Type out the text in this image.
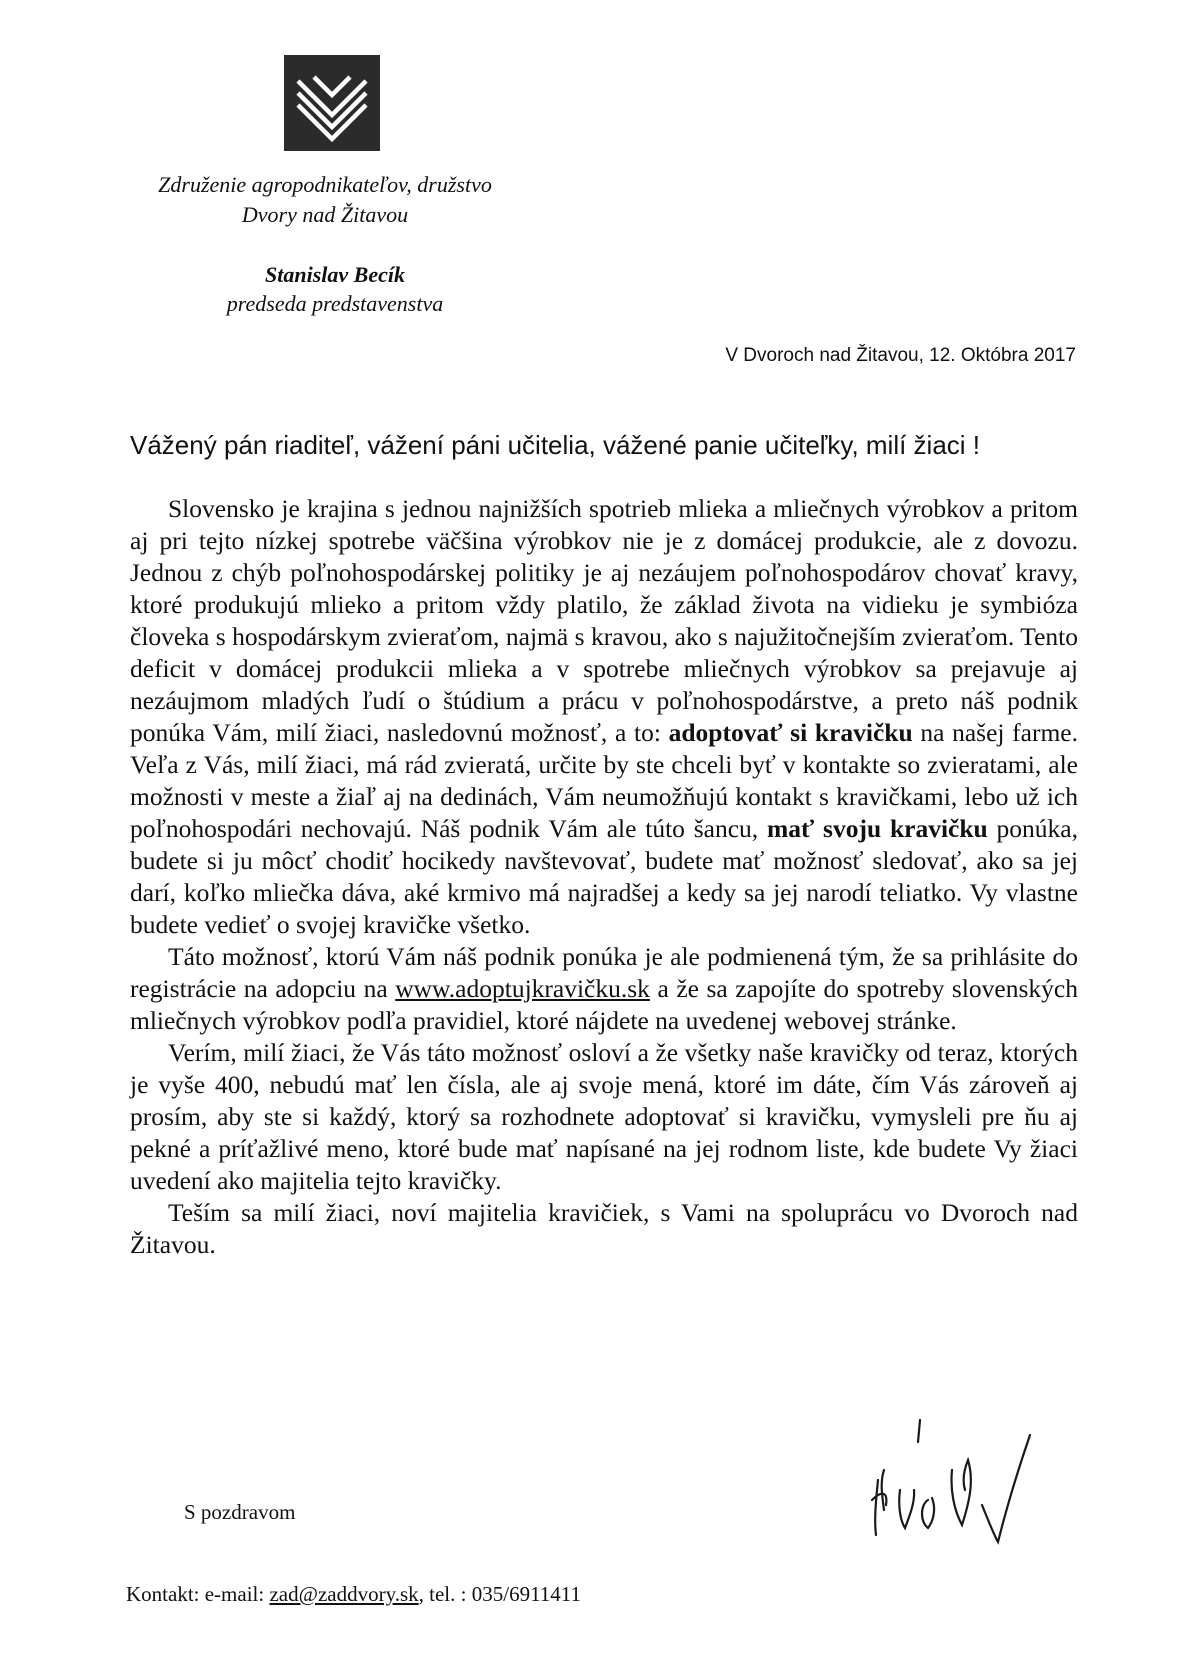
Združenie agropodnikateľov, družstvo
Dvory nad Žitavou
Stanislav Becík
predseda predstavenstva
V Dvoroch nad Žitavou, 12. Októbra 2017
Vážený pán riaditeľ, vážení páni učitelia, vážené panie učiteľky, milí žiaci !

Slovensko je krajina s jednou najnižších spotrieb mlieka a mliečnych výrobkov a pritom aj pri tejto nízkej spotrebe väčšina výrobkov nie je z domácej produkcie, ale z dovozu. Jednou z chýb poľnohospodárskej politiky je aj nezáujem poľnohospodárov chovať kravy, ktoré produkujú mlieko a pritom vždy platilo, že základ života na vidieku je symbióza človeka s hospodárskym zvieraťom, najmä s kravou, ako s najužitočnejším zvieraťom. Tento deficit v domácej produkcii mlieka a v spotrebe mliečnych výrobkov sa prejavuje aj nezáujmom mladých ľudí o štúdium a prácu v poľnohospodárstve, a preto náš podnik ponúka Vám, milí žiaci, nasledovnú možnosť, a to: adoptovať si kravičku na našej farme. Veľa z Vás, milí žiaci, má rád zvieratá, určite by ste chceli byť v kontakte so zvieratami, ale možnosti v meste a žiaľ aj na dedinách, Vám neumožňujú kontakt s kravičkami, lebo už ich poľnohospodári nechovajú. Náš podnik Vám ale túto šancu, mať svoju kravičku ponúka, budete si ju môcť chodiť hocikedy navštevovať, budete mať možnosť sledovať, ako sa jej darí, koľko mliečka dáva, aké krmivo má najradšej a kedy sa jej narodí teliatko. Vy vlastne budete vedieť o svojej kravičke všetko.

Táto možnosť, ktorú Vám náš podnik ponúka je ale podmienená tým, že sa prihlásite do registrácie na adopciu na www.adoptujkravičku.sk a že sa zapojíte do spotreby slovenských mliečnych výrobkov podľa pravidiel, ktoré nájdete na uvedenej webovej stránke.

Verím, milí žiaci, že Vás táto možnosť osloví a že všetky naše kravičky od teraz, ktorých je vyše 400, nebudú mať len čísla, ale aj svoje mená, ktoré im dáte, čím Vás zároveň aj prosím, aby ste si každý, ktorý sa rozhodnete adoptovať si kravičku, vymysleli pre ňu aj pekné a príťažlivé meno, ktoré bude mať napísané na jej rodnom liste, kde budete Vy žiaci uvedení ako majitelia tejto kravičky.

Teším sa milí žiaci, noví majitelia kravičiek, s Vami na spoluprácu vo Dvoroch nad Žitavou.

S pozdravom
Kontakt: e-mail: zad@zaddvory.sk, tel. : 035/6911411
